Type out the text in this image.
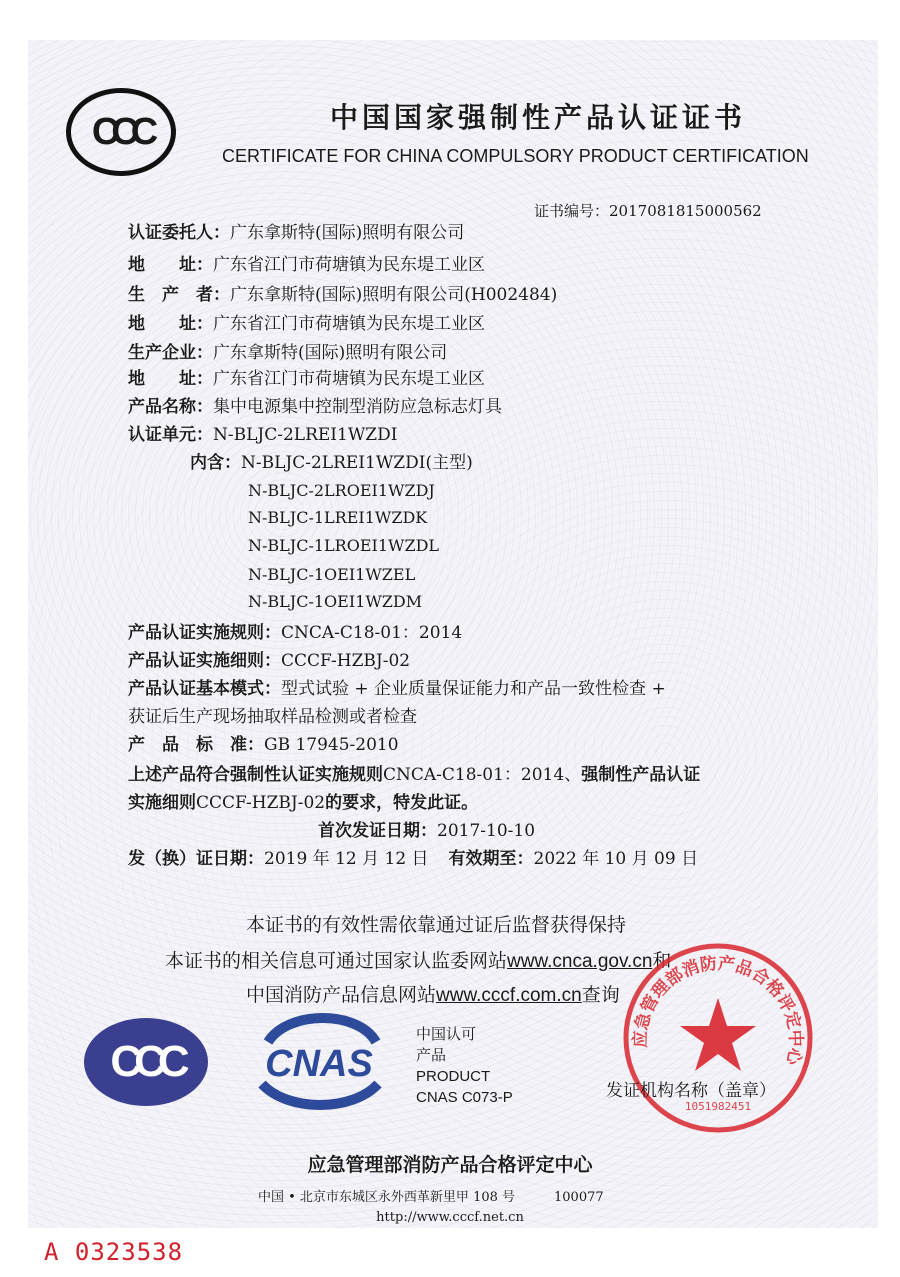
CCC	中国国家强制性产品认证证书
CERTIFICATE FOR CHINA COMPULSORY PRODUCT CERTIFICATION
证书编号：2017081815000562
认证委托人：广东拿斯特(国际)照明有限公司
地　　址：广东省江门市荷塘镇为民东堤工业区
生　产　者：广东拿斯特(国际)照明有限公司(H002484)
地　　址：广东省江门市荷塘镇为民东堤工业区
生产企业：广东拿斯特(国际)照明有限公司
地　　址：广东省江门市荷塘镇为民东堤工业区
产品名称：集中电源集中控制型消防应急标志灯具
认证单元：N-BLJC-2LREⅠ1WZDI
内含：N-BLJC-2LREⅠ1WZDI(主型)
N-BLJC-2LROEⅠ1WZDJ
N-BLJC-1LREⅠ1WZDK
N-BLJC-1LROEⅠ1WZDL
N-BLJC-1OEⅠ1WZEL
N-BLJC-1OEⅠ1WZDM
产品认证实施规则：CNCA-C18-01：2014
产品认证实施细则：CCCF-HZBJ-02
产品认证基本模式：型式试验 + 企业质量保证能力和产品一致性检查 +
获证后生产现场抽取样品检测或者检查
产　品　标　准：GB 17945-2010
上述产品符合强制性认证实施规则CNCA-C18-01：2014、强制性产品认证
实施细则CCCF-HZBJ-02的要求，特发此证。
首次发证日期：2017-10-10
发（换）证日期：2019 年 12 月 12 日 有效期至：2022 年 10 月 09 日
本证书的有效性需依靠通过证后监督获得保持
本证书的相关信息可通过国家认监委网站www.cnca.gov.cn和
中国消防产品信息网站www.cccf.com.cn查询
CCC CNAS
中国认可
产品
PRODUCT
CNAS C073-P
应急管理部消防产品合格评定中心
1051982451
发证机构名称（盖章）
应急管理部消防产品合格评定中心
中国 • 北京市东城区永外西革新里甲 108 号　　　100077
http://www.cccf.net.cn
A 0323538
